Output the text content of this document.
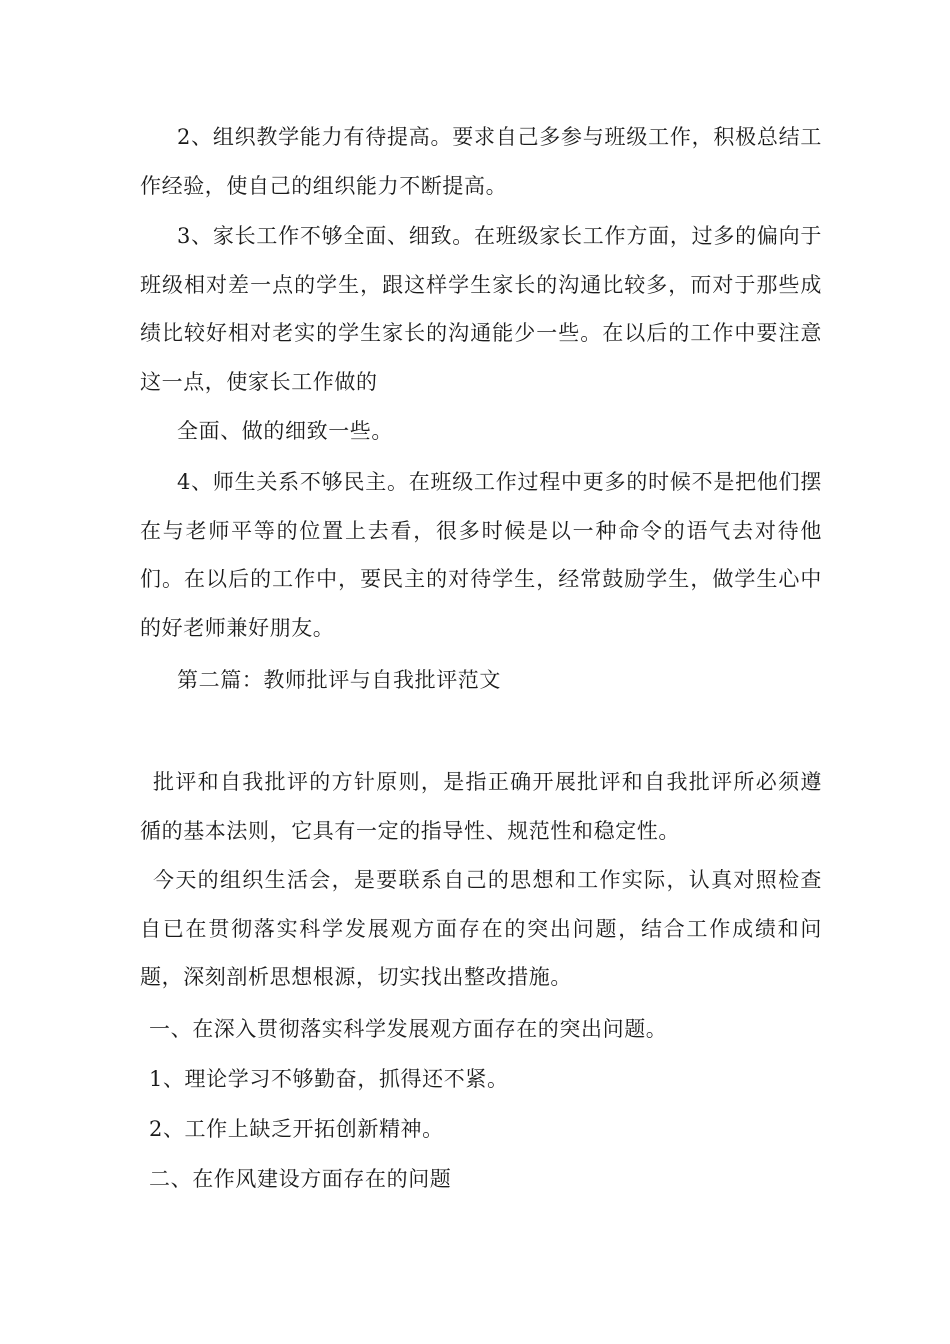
2、组织教学能力有待提高。要求自己多参与班级工作，积极总结工作经验，使自己的组织能力不断提高。

3、家长工作不够全面、细致。在班级家长工作方面，过多的偏向于班级相对差一点的学生，跟这样学生家长的沟通比较多，而对于那些成绩比较好相对老实的学生家长的沟通能少一些。在以后的工作中要注意这一点，使家长工作做的

全面、做的细致一些。

4、师生关系不够民主。在班级工作过程中更多的时候不是把他们摆在与老师平等的位置上去看，很多时候是以一种命令的语气去对待他们。在以后的工作中，要民主的对待学生，经常鼓励学生，做学生心中的好老师兼好朋友。

第二篇：教师批评与自我批评范文

批评和自我批评的方针原则，是指正确开展批评和自我批评所必须遵循的基本法则，它具有一定的指导性、规范性和稳定性。

今天的组织生活会，是要联系自己的思想和工作实际，认真对照检查自已在贯彻落实科学发展观方面存在的突出问题，结合工作成绩和问题，深刻剖析思想根源，切实找出整改措施。

一、在深入贯彻落实科学发展观方面存在的突出问题。

1、理论学习不够勤奋，抓得还不紧。

2、工作上缺乏开拓创新精神。

二、在作风建设方面存在的问题
